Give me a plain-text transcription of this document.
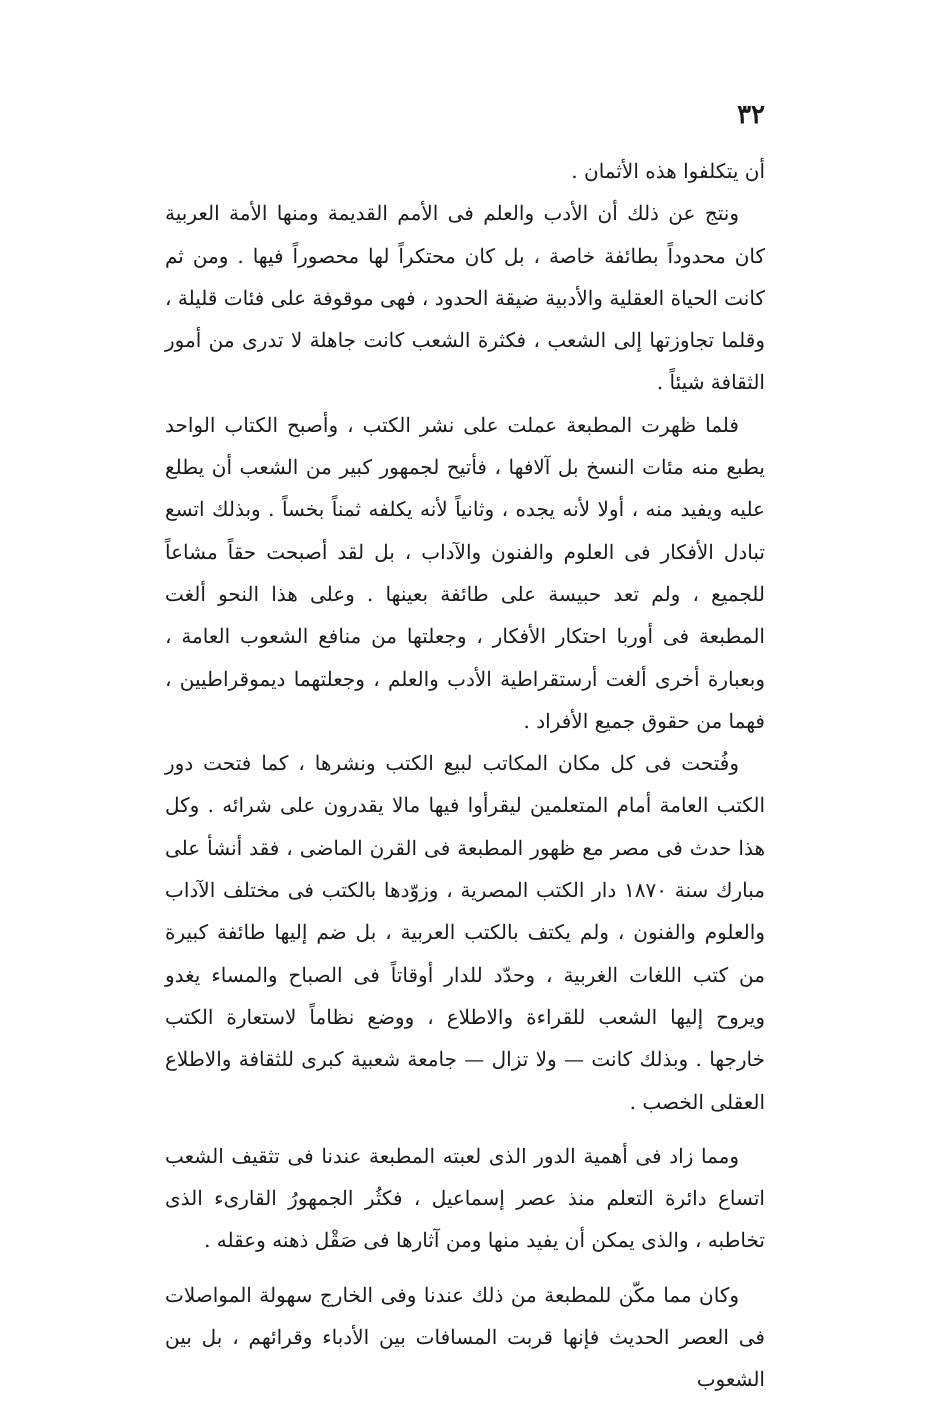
٣٢

أن يتكلفوا هذه الأثمان .

ونتج عن ذلك أن الأدب والعلم فى الأمم القديمة ومنها الأمة العربية كان محدوداً بطائفة خاصة ، بل كان محتكراً لها محصوراً فيها . ومن ثم كانت الحياة العقلية والأدبية ضيقة الحدود ، فهى موقوفة على فئات قليلة ، وقلما تجاوزتها إلى الشعب ، فكثرة الشعب كانت جاهلة لا تدرى من أمور الثقافة شيئاً .

فلما ظهرت المطبعة عملت على نشر الكتب ، وأصبح الكتاب الواحد يطبع منه مئات النسخ بل آلافها ، فأتيح لجمهور كبير من الشعب أن يطلع عليه ويفيد منه ، أولا لأنه يجده ، وثانياً لأنه يكلفه ثمناً بخساً . وبذلك اتسع تبادل الأفكار فى العلوم والفنون والآداب ، بل لقد أصبحت حقاً مشاعاً للجميع ، ولم تعد حبيسة على طائفة بعينها . وعلى هذا النحو ألغت المطبعة فى أوربا احتكار الأفكار ، وجعلتها من منافع الشعوب العامة ، وبعبارة أخرى ألغت أرستقراطية الأدب والعلم ، وجعلتهما ديموقراطيين ، فهما من حقوق جميع الأفراد .

وفُتحت فى كل مكان المكاتب لبيع الكتب ونشرها ، كما فتحت دور الكتب العامة أمام المتعلمين ليقرأوا فيها مالا يقدرون على شرائه . وكل هذا حدث فى مصر مع ظهور المطبعة فى القرن الماضى ، فقد أنشأ على مبارك سنة ١٨٧٠ دار الكتب المصرية ، وزوّدها بالكتب فى مختلف الآداب والعلوم والفنون ، ولم يكتف بالكتب العربية ، بل ضم إليها طائفة كبيرة من كتب اللغات الغربية ، وحدّد للدار أوقاتاً فى الصباح والمساء يغدو ويروح إليها الشعب للقراءة والاطلاع ، ووضع نظاماً لاستعارة الكتب خارجها . وبذلك كانت — ولا تزال — جامعة شعبية كبرى للثقافة والاطلاع العقلى الخصب .

ومما زاد فى أهمية الدور الذى لعبته المطبعة عندنا فى تثقيف الشعب اتساع دائرة التعلم منذ عصر إسماعيل ، فكثُر الجمهورُ القارىء الذى تخاطبه ، والذى يمكن أن يفيد منها ومن آثارها فى صَقْل ذهنه وعقله .

وكان مما مكّن للمطبعة من ذلك عندنا وفى الخارج سهولة المواصلات فى العصر الحديث فإنها قربت المسافات بين الأدباء وقرائهم ، بل بين الشعوب
